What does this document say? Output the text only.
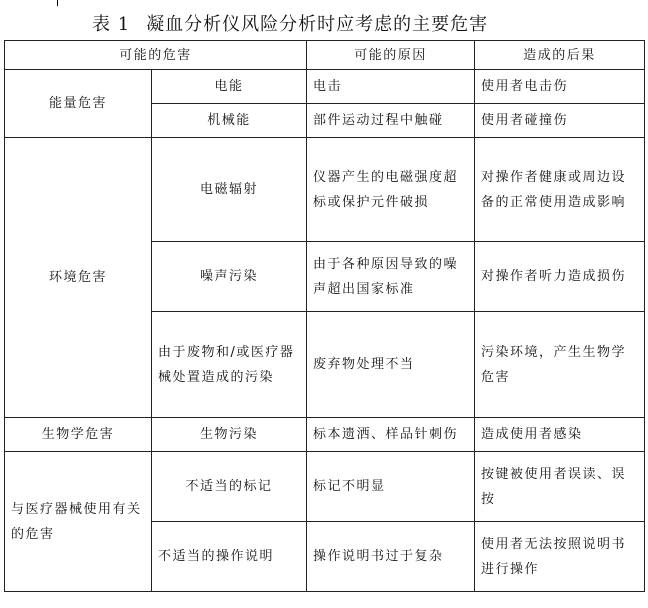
表 1 凝血分析仪风险分析时应考虑的主要危害
可能的危害		可能的原因	造成的后果
能量危害	电能	电击	使用者电击伤
	机械能	部件运动过程中触碰	使用者碰撞伤
环境危害	电磁辐射	仪器产生的电磁强度超标或保护元件破损	对操作者健康或周边设备的正常使用造成影响
	噪声污染	由于各种原因导致的噪声超出国家标准	对操作者听力造成损伤
	由于废物和/或医疗器械处置造成的污染	废弃物处理不当	污染环境，产生生物学危害
生物学危害	生物污染	标本遗洒、样品针刺伤	造成使用者感染
与医疗器械使用有关的危害	不适当的标记	标记不明显	按键被使用者误读、误按
	不适当的操作说明	操作说明书过于复杂	使用者无法按照说明书进行操作
